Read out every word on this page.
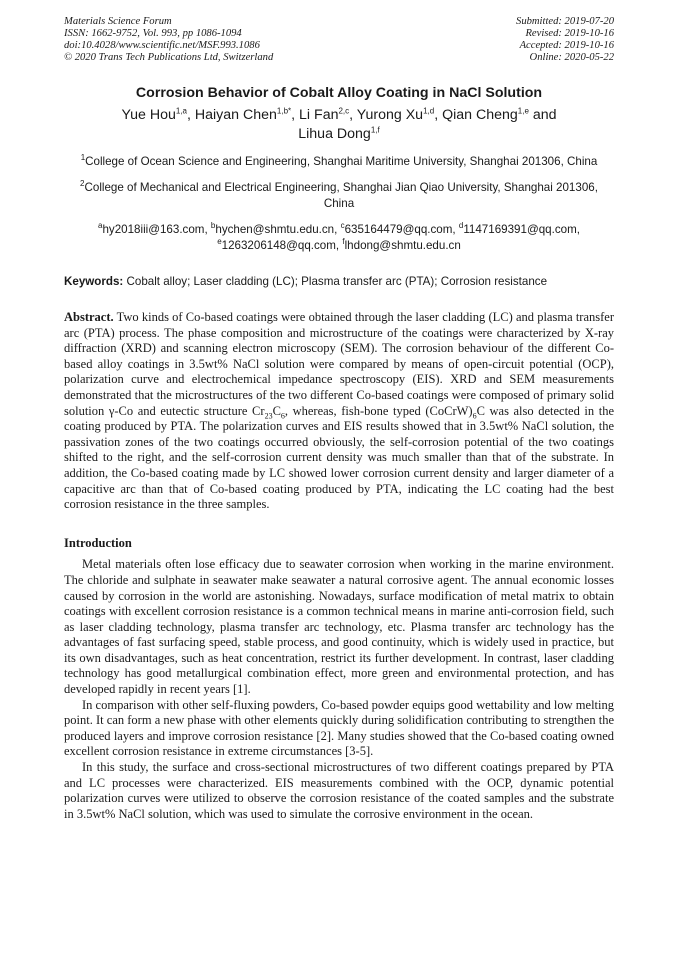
Materials Science Forum
ISSN: 1662-9752, Vol. 993, pp 1086-1094
doi:10.4028/www.scientific.net/MSF.993.1086
© 2020 Trans Tech Publications Ltd, Switzerland
Submitted: 2019-07-20
Revised: 2019-10-16
Accepted: 2019-10-16
Online: 2020-05-22
Corrosion Behavior of Cobalt Alloy Coating in NaCl Solution
Yue Hou$^{1,a}$, Haiyan Chen$^{1,b*}$, Li Fan$^{2,c}$, Yurong Xu$^{1,d}$, Qian Cheng$^{1,e}$ and
Lihua Dong$^{1,f}$
$^1$College of Ocean Science and Engineering, Shanghai Maritime University, Shanghai 201306, China
$^2$College of Mechanical and Electrical Engineering, Shanghai Jian Qiao University, Shanghai 201306, China
$^a$hy2018iii@163.com, $^b$hychen@shmtu.edu.cn, $^c$635164479@qq.com, $^d$1147169391@qq.com,
$^e$1263206148@qq.com, $^f$lhdong@shmtu.edu.cn
Keywords: Cobalt alloy; Laser cladding (LC); Plasma transfer arc (PTA); Corrosion resistance
Abstract. Two kinds of Co-based coatings were obtained through the laser cladding (LC) and plasma transfer arc (PTA) process. The phase composition and microstructure of the coatings were characterized by X-ray diffraction (XRD) and scanning electron microscopy (SEM). The corrosion behaviour of the different Co-based alloy coatings in 3.5wt% NaCl solution were compared by means of open-circuit potential (OCP), polarization curve and electrochemical impedance spectroscopy (EIS). XRD and SEM measurements demonstrated that the microstructures of the two different Co-based coatings were composed of primary solid solution γ-Co and eutectic structure $Cr_{23}C_6$, whereas, fish-bone typed $(CoCrW)_6C$ was also detected in the coating produced by PTA. The polarization curves and EIS results showed that in 3.5wt% NaCl solution, the passivation zones of the two coatings occurred obviously, the self-corrosion potential of the two coatings shifted to the right, and the self-corrosion current density was much smaller than that of the substrate. In addition, the Co-based coating made by LC showed lower corrosion current density and larger diameter of a capacitive arc than that of Co-based coating produced by PTA, indicating the LC coating had the best corrosion resistance in the three samples.
Introduction
Metal materials often lose efficacy due to seawater corrosion when working in the marine environment. The chloride and sulphate in seawater make seawater a natural corrosive agent. The annual economic losses caused by corrosion in the world are astonishing. Nowadays, surface modification of metal matrix to obtain coatings with excellent corrosion resistance is a common technical means in marine anti-corrosion field, such as laser cladding technology, plasma transfer arc technology, etc. Plasma transfer arc technology has the advantages of fast surfacing speed, stable process, and good continuity, which is widely used in practice, but its own disadvantages, such as heat concentration, restrict its further development. In contrast, laser cladding technology has good metallurgical combination effect, more green and environmental protection, and has developed rapidly in recent years [1].
In comparison with other self-fluxing powders, Co-based powder equips good wettability and low melting point. It can form a new phase with other elements quickly during solidification contributing to strengthen the produced layers and improve corrosion resistance [2]. Many studies showed that the Co-based coating owned excellent corrosion resistance in extreme circumstances [3-5].
In this study, the surface and cross-sectional microstructures of two different coatings prepared by PTA and LC processes were characterized. EIS measurements combined with the OCP, dynamic potential polarization curves were utilized to observe the corrosion resistance of the coated samples and the substrate in 3.5wt% NaCl solution, which was used to simulate the corrosive environment in the ocean.
